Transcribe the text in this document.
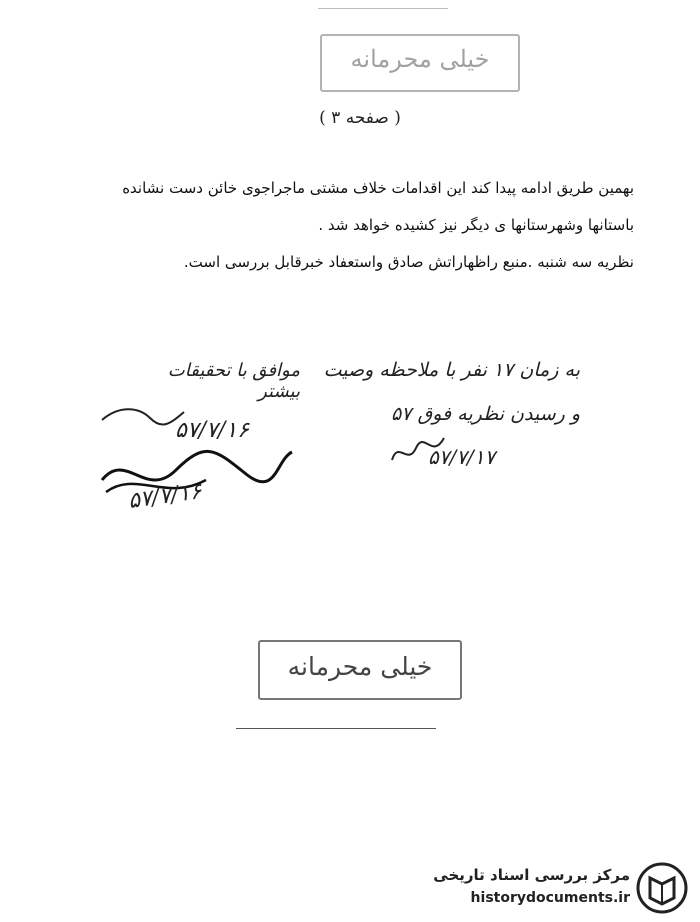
خیلی محرمانه
( صفحه ۳ )
بهمین طریق ادامه پیدا کند این اقدامات خلاف مشتی ماجراجوی خائن دست نشانده
باستانها وشهرستانها ی دیگر نیز کشیده خواهد شد .
نظریه سه شنبه .منبع راظهاراتش صادق واستعفاد خبرقابل بررسی است.
به زمان ۱۷ نفر با ملاحظه وصیت
و رسیدن نظریه فوق ۵۷
۵۷/۷/۱۷
موافق با تحقیقات بیشتر
۵۷/۷/۱۶
۵۷/۷/۱۶
خیلی محرمانه
مرکز بررسی اسناد تاریخی
historydocuments.ir
